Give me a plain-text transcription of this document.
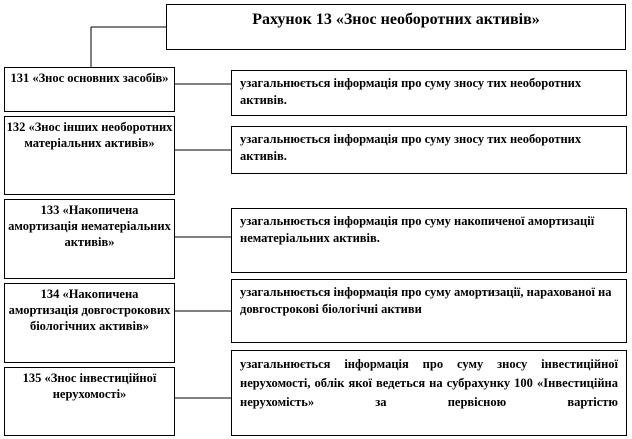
Рахунок 13 «Знос необоротних активів»
131 «Знос основних засобів»
132 «Знос інших необоротних матеріальних активів»
133 «Накопичена амортизація нематеріальних активів»
134 «Накопичена амортизація довгострокових біологічних активів»
135 «Знос інвестиційної нерухомості»
узагальнюється інформація про суму зносу тих необоротних активів.
узагальнюється інформація про суму зносу тих необоротних активів.
узагальнюється інформація про суму накопиченої амортизації нематеріальних активів.
узагальнюється інформація про суму амортизації, нарахованої на довгострокові біологічні активи
узагальнюється інформація про суму зносу інвестиційної нерухомості, облік якої ведеться на субрахунку 100 «Інвестиційна нерухомість» за первісною вартістю
